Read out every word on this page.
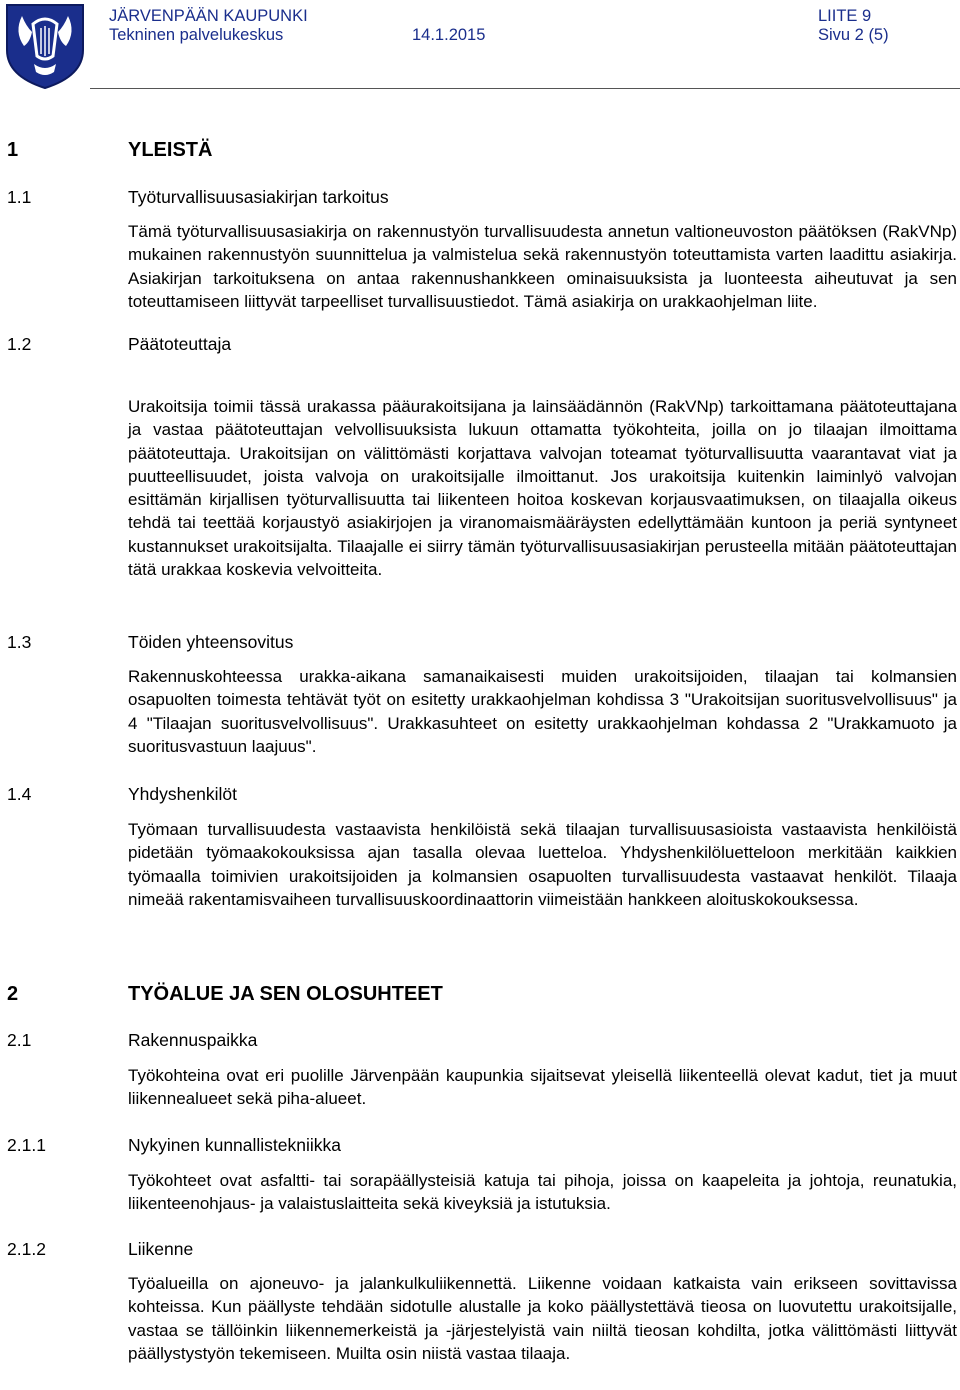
JÄRVENPÄÄN KAUPUNKI
Tekninen palvelukeskus	14.1.2015
LIITE 9
Sivu 2 (5)
1	YLEISTÄ
1.1	Työturvallisuusasiakirjan tarkoitus

Tämä työturvallisuusasiakirja on rakennustyön turvallisuudesta annetun valtioneuvoston päätöksen (RakVNp) mukainen rakennustyön suunnittelua ja valmistelua sekä rakennustyön toteuttamista varten laadittu asiakirja. Asiakirjan tarkoituksena on antaa rakennushankkeen ominaisuuksista ja luonteesta aiheutuvat ja sen toteuttamiseen liittyvät tarpeelliset turvallisuustiedot. Tämä asiakirja on urakkaohjelman liite.

1.2	Päätoteuttaja

Urakoitsija toimii tässä urakassa pääurakoitsijana ja lainsäädännön (RakVNp) tarkoittamana päätoteuttajana ja vastaa päätoteuttajan velvollisuuksista lukuun ottamatta työkohteita, joilla on jo tilaajan ilmoittama päätoteuttaja. Urakoitsijan on välittömästi korjattava valvojan toteamat työturvallisuutta vaarantavat viat ja puutteellisuudet, joista valvoja on urakoitsijalle ilmoittanut. Jos urakoitsija kuitenkin laiminlyö valvojan esittämän kirjallisen työturvallisuutta tai liikenteen hoitoa koskevan korjausvaatimuksen, on tilaajalla oikeus tehdä tai teettää korjaustyö asiakirjojen ja viranomaismääräysten edellyttämään kuntoon ja periä syntyneet kustannukset urakoitsijalta. Tilaajalle ei siirry tämän työturvallisuusasiakirjan perusteella mitään päätoteuttajan tätä urakkaa koskevia velvoitteita.

1.3	Töiden yhteensovitus

Rakennuskohteessa urakka-aikana samanaikaisesti muiden urakoitsijoiden, tilaajan tai kolmansien osapuolten toimesta tehtävät työt on esitetty urakkaohjelman kohdissa 3 "Urakoitsijan suoritusvelvollisuus" ja 4 "Tilaajan suoritusvelvollisuus". Urakkasuhteet on esitetty urakkaohjelman kohdassa 2 "Urakkamuoto ja suoritusvastuun laajuus".

1.4	Yhdyshenkilöt

Työmaan turvallisuudesta vastaavista henkilöistä sekä tilaajan turvallisuusasioista vastaavista henkilöistä pidetään työmaakokouksissa ajan tasalla olevaa luetteloa. Yhdyshenkilöluetteloon merkitään kaikkien työmaalla toimivien urakoitsijoiden ja kolmansien osapuolten turvallisuudesta vastaavat henkilöt. Tilaaja nimeää rakentamisvaiheen turvallisuuskoordinaattorin viimeistään hankkeen aloituskokouksessa.

2	TYÖALUE JA SEN OLOSUHTEET
2.1	Rakennuspaikka

Työkohteina ovat eri puolille Järvenpään kaupunkia sijaitsevat yleisellä liikenteellä olevat kadut, tiet ja muut liikennealueet sekä piha-alueet.

2.1.1	Nykyinen kunnallistekniikka

Työkohteet ovat asfaltti- tai sorapäällysteisiä katuja tai pihoja, joissa on kaapeleita ja johtoja, reunatukia, liikenteenohjaus- ja valaistuslaitteita sekä kiveyksiä ja istutuksia.

2.1.2	Liikenne

Työalueilla on ajoneuvo- ja jalankulkuliikennettä. Liikenne voidaan katkaista vain erikseen sovittavissa kohteissa. Kun päällyste tehdään sidotulle alustalle ja koko päällystettävä tieosa on luovutettu urakoitsijalle, vastaa se tällöinkin liikennemerkeistä ja -järjestelyistä vain niiltä tieosan kohdilta, jotka välittömästi liittyvät päällystystyön tekemiseen. Muilta osin niistä vastaa tilaaja.
